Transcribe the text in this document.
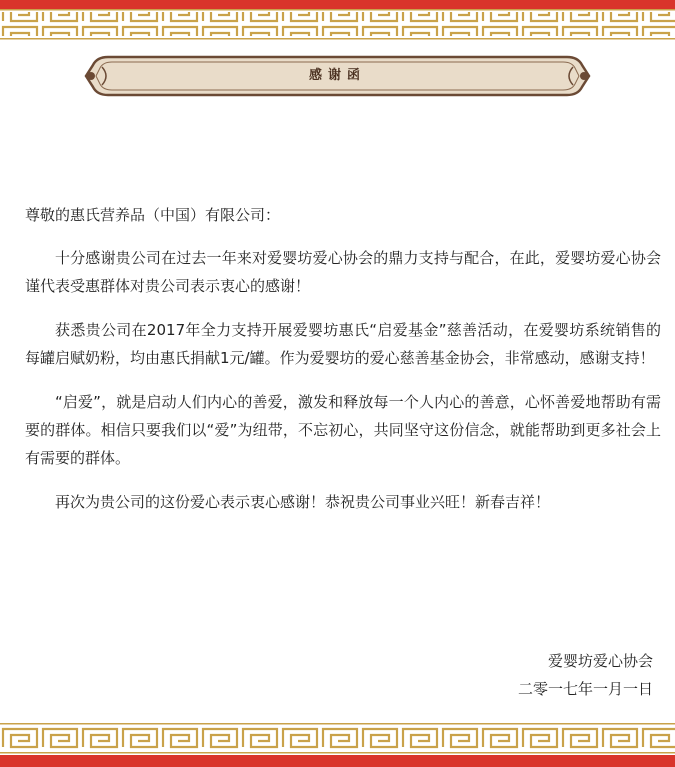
感谢函

尊敬的惠氏营养品（中国）有限公司：

十分感谢贵公司在过去一年来对爱婴坊爱心协会的鼎力支持与配合，在此，爱婴坊爱心协会谨代表受惠群体对贵公司表示衷心的感谢！

获悉贵公司在2017年全力支持开展爱婴坊惠氏“启爱基金”慈善活动，在爱婴坊系统销售的每罐启赋奶粉，均由惠氏捐献1元/罐。作为爱婴坊的爱心慈善基金协会，非常感动，感谢支持！

“启爱”，就是启动人们内心的善爱，激发和释放每一个人内心的善意，心怀善爱地帮助有需要的群体。相信只要我们以“爱”为纽带，不忘初心，共同坚守这份信念，就能帮助到更多社会上有需要的群体。

再次为贵公司的这份爱心表示衷心感谢！恭祝贵公司事业兴旺！新春吉祥！

爱婴坊爱心协会
二零一七年一月一日
